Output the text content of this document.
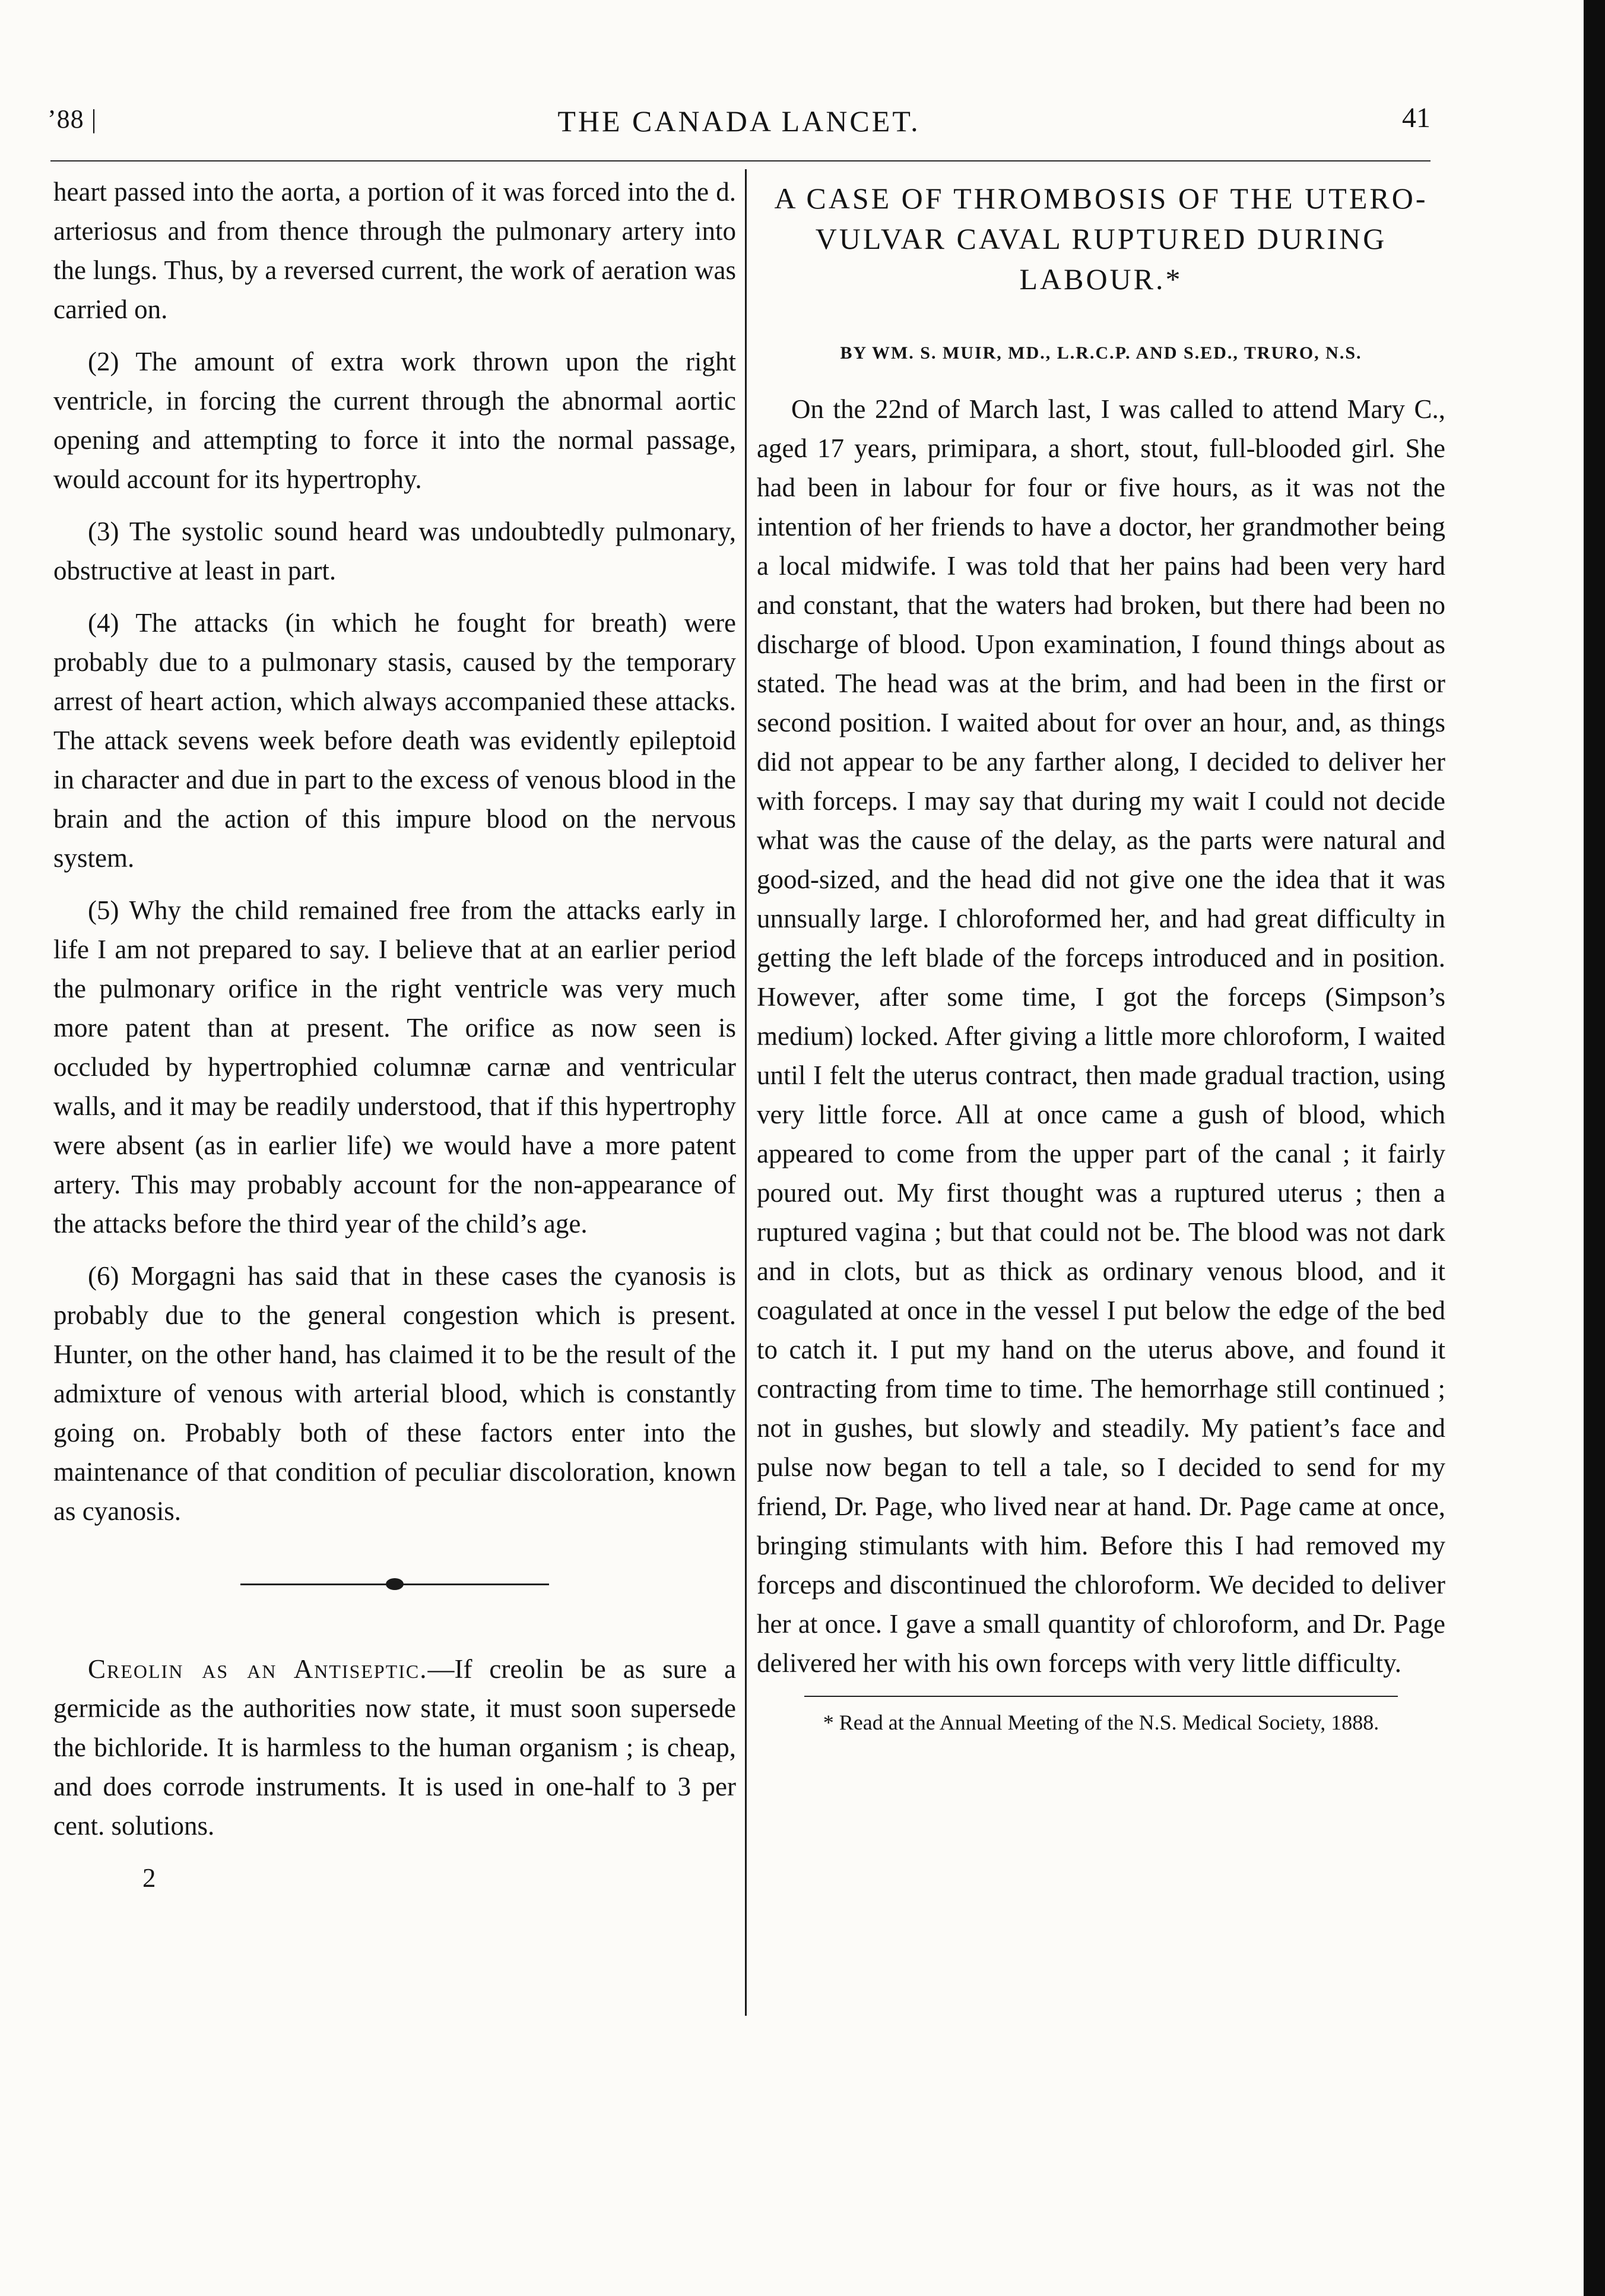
’88 |	THE CANADA LANCET.	41

heart passed into the aorta, a portion of it was forced into the d. arteriosus and from thence through the pulmonary artery into the lungs. Thus, by a reversed current, the work of aeration was carried on.

(2) The amount of extra work thrown upon the right ventricle, in forcing the current through the abnormal aortic opening and attempting to force it into the normal passage, would account for its hypertrophy.

(3) The systolic sound heard was undoubtedly pulmonary, obstructive at least in part.

(4) The attacks (in which he fought for breath) were probably due to a pulmonary stasis, caused by the temporary arrest of heart action, which always accompanied these attacks. The attack sevens week before death was evidently epileptoid in character and due in part to the excess of venous blood in the brain and the action of this impure blood on the nervous system.

(5) Why the child remained free from the attacks early in life I am not prepared to say. I believe that at an earlier period the pulmonary orifice in the right ventricle was very much more patent than at present. The orifice as now seen is occluded by hypertrophied columnæ carnæ and ventricular walls, and it may be readily understood, that if this hypertrophy were absent (as in earlier life) we would have a more patent artery. This may probably account for the non-appearance of the attacks before the third year of the child’s age.

(6) Morgagni has said that in these cases the cyanosis is probably due to the general congestion which is present. Hunter, on the other hand, has claimed it to be the result of the admixture of venous with arterial blood, which is constantly going on. Probably both of these factors enter into the maintenance of that condition of peculiar discoloration, known as cyanosis.

Creolin as an Antiseptic.—If creolin be as sure a germicide as the authorities now state, it must soon supersede the bichloride. It is harmless to the human organism ; is cheap, and does corrode instruments. It is used in one-half to 3 per cent. solutions.

2
A CASE OF THROMBOSIS OF THE UTERO-VULVAR CAVAL RUPTURED DURING LABOUR.*
BY WM. S. MUIR, MD., L.R.C.P. AND S.ED., TRURO, N.S.

On the 22nd of March last, I was called to attend Mary C., aged 17 years, primipara, a short, stout, full-blooded girl. She had been in labour for four or five hours, as it was not the intention of her friends to have a doctor, her grandmother being a local midwife. I was told that her pains had been very hard and constant, that the waters had broken, but there had been no discharge of blood. Upon examination, I found things about as stated. The head was at the brim, and had been in the first or second position. I waited about for over an hour, and, as things did not appear to be any farther along, I decided to deliver her with forceps. I may say that during my wait I could not decide what was the cause of the delay, as the parts were natural and good-sized, and the head did not give one the idea that it was unnsually large. I chloroformed her, and had great difficulty in getting the left blade of the forceps introduced and in position. However, after some time, I got the forceps (Simpson’s medium) locked. After giving a little more chloroform, I waited until I felt the uterus contract, then made gradual traction, using very little force. All at once came a gush of blood, which appeared to come from the upper part of the canal ; it fairly poured out. My first thought was a ruptured uterus ; then a ruptured vagina ; but that could not be. The blood was not dark and in clots, but as thick as ordinary venous blood, and it coagulated at once in the vessel I put below the edge of the bed to catch it. I put my hand on the uterus above, and found it contracting from time to time. The hemorrhage still continued ; not in gushes, but slowly and steadily. My patient’s face and pulse now began to tell a tale, so I decided to send for my friend, Dr. Page, who lived near at hand. Dr. Page came at once, bringing stimulants with him. Before this I had removed my forceps and discontinued the chloroform. We decided to deliver her at once. I gave a small quantity of chloroform, and Dr. Page delivered her with his own forceps with very little difficulty.

* Read at the Annual Meeting of the N.S. Medical Society, 1888.
